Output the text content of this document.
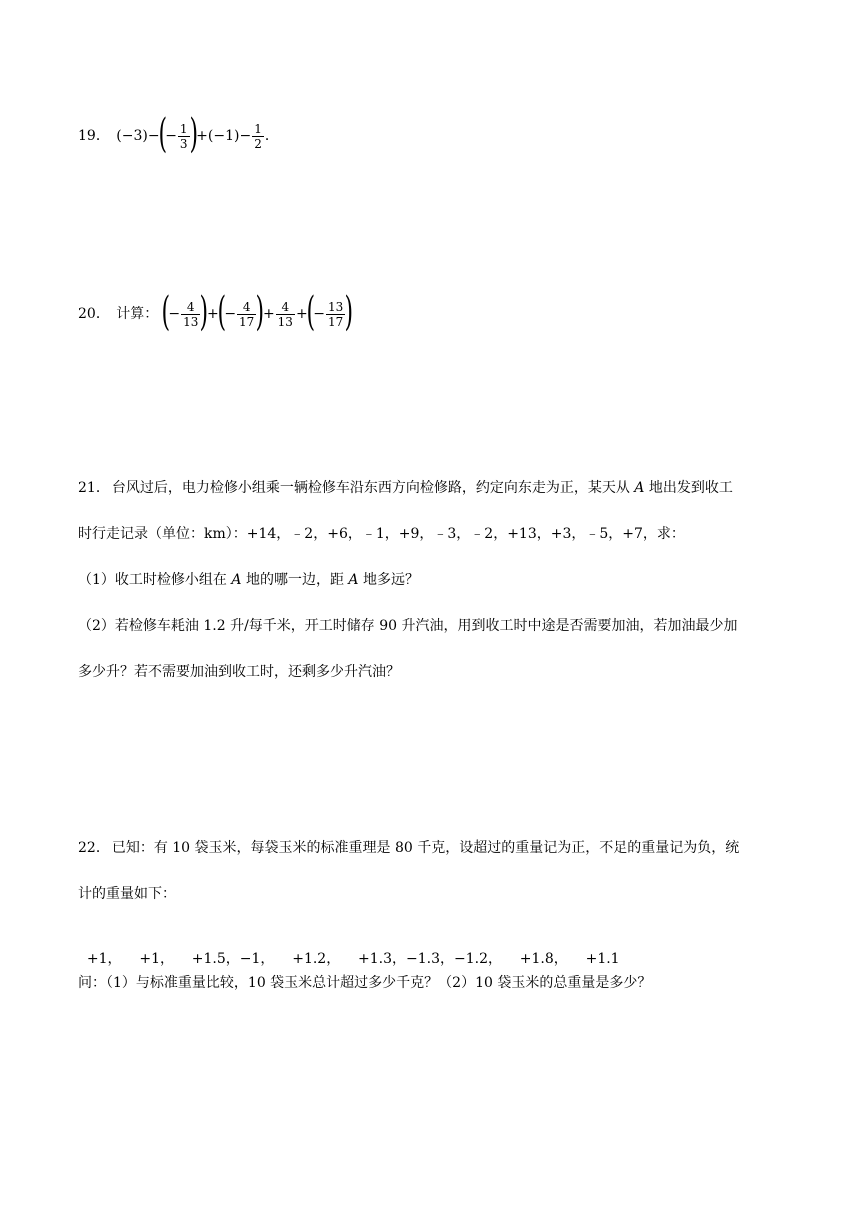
19． (−3)−
(
− $\frac{1}{3}$ )
$+(-1)- \frac{1}{2}$ ．
20． 计算： (
− $\frac{4}{13}$ )
+
(
− $\frac{4}{17}$ )
+ $\frac{4}{13}$ +
(
− $\frac{13}{17}$ )
21． 台风过后，电力检修小组乘一辆检修车沿东西方向检修路，约定向东走为正，某天从 A 地出发到收工
时行走记录（单位：km）：+14，﹣2，+6，﹣1，+9，﹣3，﹣2，+13，+3，﹣5，+7，求：
（1）收工时检修小组在 A 地的哪一边，距 A 地多远？
（2）若检修车耗油 1.2 升/每千米，开工时储存 90 升汽油，用到收工时中途是否需要加油，若加油最少加
多少升？若不需要加油到收工时，还剩多少升汽油？
22． 已知：有 10 袋玉米，每袋玉米的标准重理是 80 千克，设超过的重量记为正，不足的重量记为负，统
计的重量如下：

+1，    +1，    +1.5，−1，    +1.2，    +1.3，−1.3，−1.2，    +1.8，    +1.1

问：（1）与标准重量比较，10 袋玉米总计超过多少千克？（2）10 袋玉米的总重量是多少？
